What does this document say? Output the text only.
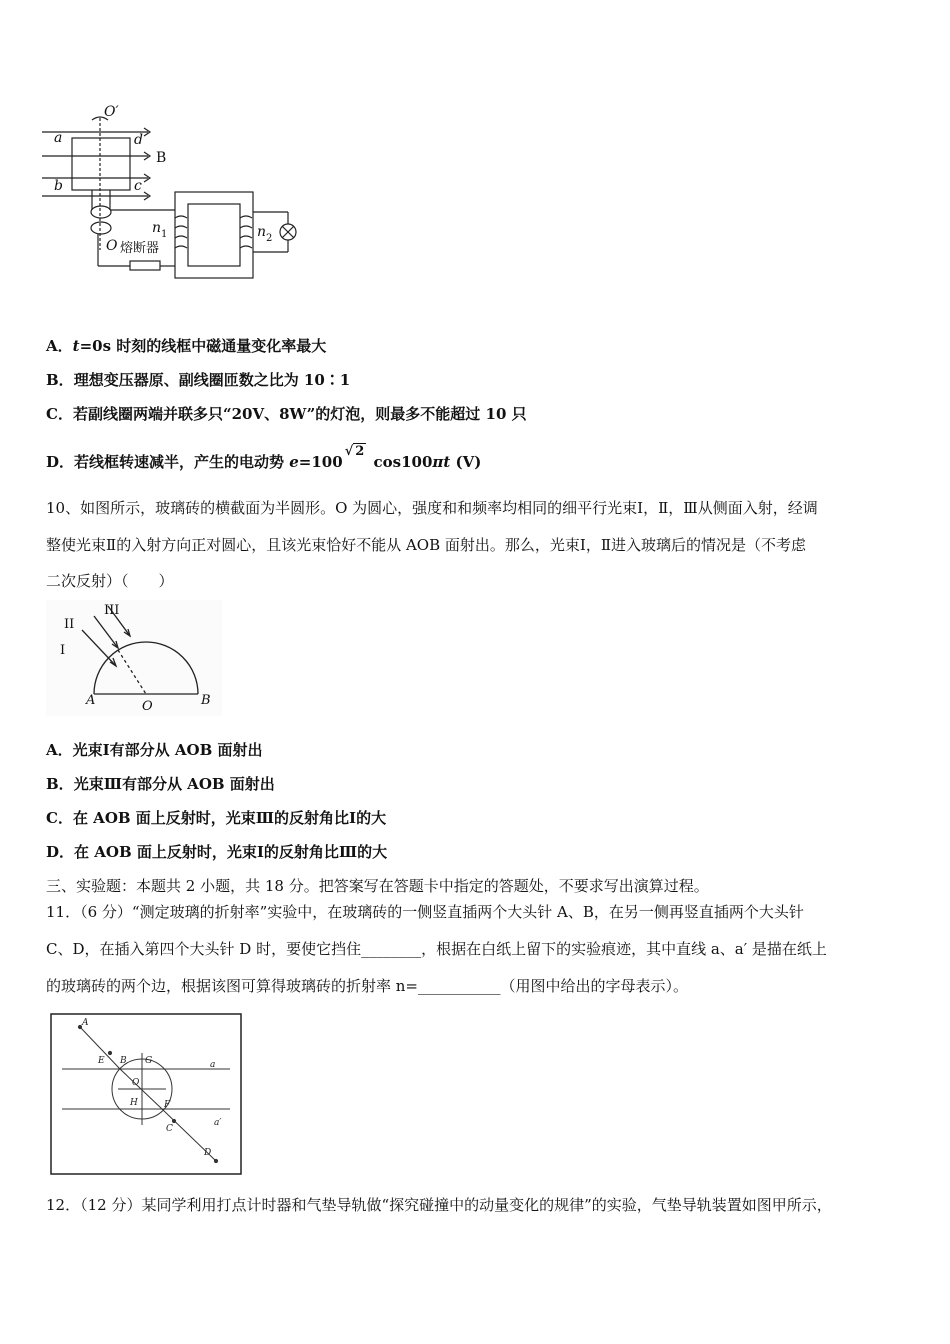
O′
a	d
B
b	c
n 1	n 2
O 熔断器
A．t=0s 时刻的线框中磁通量变化率最大
B．理想变压器原、副线圈匝数之比为 10∶1
C．若副线圈两端并联多只“20V、8W”的灯泡，则最多不能超过 10 只
D．若线框转速减半，产生的电动势 e=100√ 2 cos100πt (V)
10、如图所示，玻璃砖的横截面为半圆形。O 为圆心，强度和和频率均相同的细平行光束Ⅰ，Ⅱ，Ⅲ从侧面入射，经调
整使光束Ⅱ的入射方向正对圆心，且该光束恰好不能从 AOB 面射出。那么，光束Ⅰ，Ⅱ进入玻璃后的情况是（不考虑
二次反射）（　　）
III
II
I
A	O	B
A．光束Ⅰ有部分从 AOB 面射出
B．光束Ⅲ有部分从 AOB 面射出
C．在 AOB 面上反射时，光束Ⅲ的反射角比Ⅰ的大
D．在 AOB 面上反射时，光束Ⅰ的反射角比Ⅲ的大
三、实验题：本题共 2 小题，共 18 分。把答案写在答题卡中指定的答题处，不要求写出演算过程。
11．（6 分）“测定玻璃的折射率”实验中，在玻璃砖的一侧竖直插两个大头针 A、B，在另一侧再竖直插两个大头针
C、D，在插入第四个大头针 D 时，要使它挡住________，根据在白纸上留下的实验痕迹，其中直线 a、a′ 是描在纸上
的玻璃砖的两个边，根据该图可算得玻璃砖的折射率 n=___________（用图中给出的字母表示）。
A
E B G	a
O
H	F
a′
C
D
12．（12 分）某同学利用打点计时器和气垫导轨做“探究碰撞中的动量变化的规律”的实验，气垫导轨装置如图甲所示，
